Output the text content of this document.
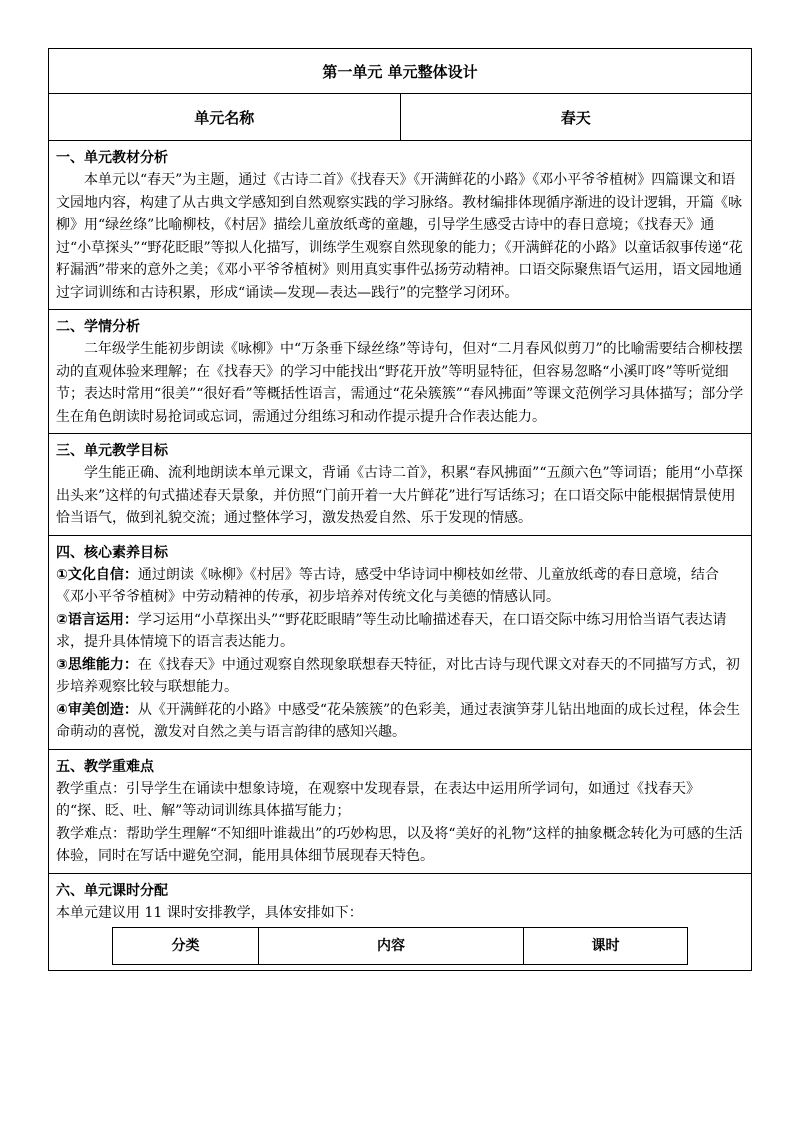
第一单元 单元整体设计
单元名称	春天
一、单元教材分析

本单元以“春天”为主题，通过《古诗二首》《找春天》《开满鲜花的小路》《邓小平爷爷植树》四篇课文和语文园地内容，构建了从古典文学感知到自然观察实践的学习脉络。教材编排体现循序渐进的设计逻辑，开篇《咏柳》用“绿丝绦”比喻柳枝，《村居》描绘儿童放纸鸢的童趣，引导学生感受古诗中的春日意境；《找春天》通过“小草探头”“野花眨眼”等拟人化描写，训练学生观察自然现象的能力；《开满鲜花的小路》以童话叙事传递“花籽漏洒”带来的意外之美；《邓小平爷爷植树》则用真实事件弘扬劳动精神。口语交际聚焦语气运用，语文园地通过字词训练和古诗积累，形成“诵读—发现—表达—践行”的完整学习闭环。

二、学情分析

二年级学生能初步朗读《咏柳》中“万条垂下绿丝绦”等诗句，但对“二月春风似剪刀”的比喻需要结合柳枝摆动的直观体验来理解；在《找春天》的学习中能找出“野花开放”等明显特征，但容易忽略“小溪叮咚”等听觉细节；表达时常用“很美”“很好看”等概括性语言，需通过“花朵簇簇”“春风拂面”等课文范例学习具体描写；部分学生在角色朗读时易抢词或忘词，需通过分组练习和动作提示提升合作表达能力。

三、单元教学目标

学生能正确、流利地朗读本单元课文，背诵《古诗二首》，积累“春风拂面”“五颜六色”等词语；能用“小草探出头来”这样的句式描述春天景象，并仿照“门前开着一大片鲜花”进行写话练习；在口语交际中能根据情景使用恰当语气，做到礼貌交流；通过整体学习，激发热爱自然、乐于发现的情感。

四、核心素养目标

①文化自信：通过朗读《咏柳》《村居》等古诗，感受中华诗词中柳枝如丝带、儿童放纸鸢的春日意境，结合《邓小平爷爷植树》中劳动精神的传承，初步培养对传统文化与美德的情感认同。

②语言运用：学习运用“小草探出头”“野花眨眼睛”等生动比喻描述春天，在口语交际中练习用恰当语气表达请求，提升具体情境下的语言表达能力。

③思维能力：在《找春天》中通过观察自然现象联想春天特征，对比古诗与现代课文对春天的不同描写方式，初步培养观察比较与联想能力。

④审美创造：从《开满鲜花的小路》中感受“花朵簇簇”的色彩美，通过表演笋芽儿钻出地面的成长过程，体会生命萌动的喜悦，激发对自然之美与语言韵律的感知兴趣。

五、教学重难点

教学重点：引导学生在诵读中想象诗境，在观察中发现春景，在表达中运用所学词句，如通过《找春天》的“探、眨、吐、解”等动词训练具体描写能力；

教学难点：帮助学生理解“不知细叶谁裁出”的巧妙构思，以及将“美好的礼物”这样的抽象概念转化为可感的生活体验，同时在写话中避免空洞，能用具体细节展现春天特色。

六、单元课时分配

本单元建议用 11 课时安排教学，具体安排如下：

分类	内容	课时
